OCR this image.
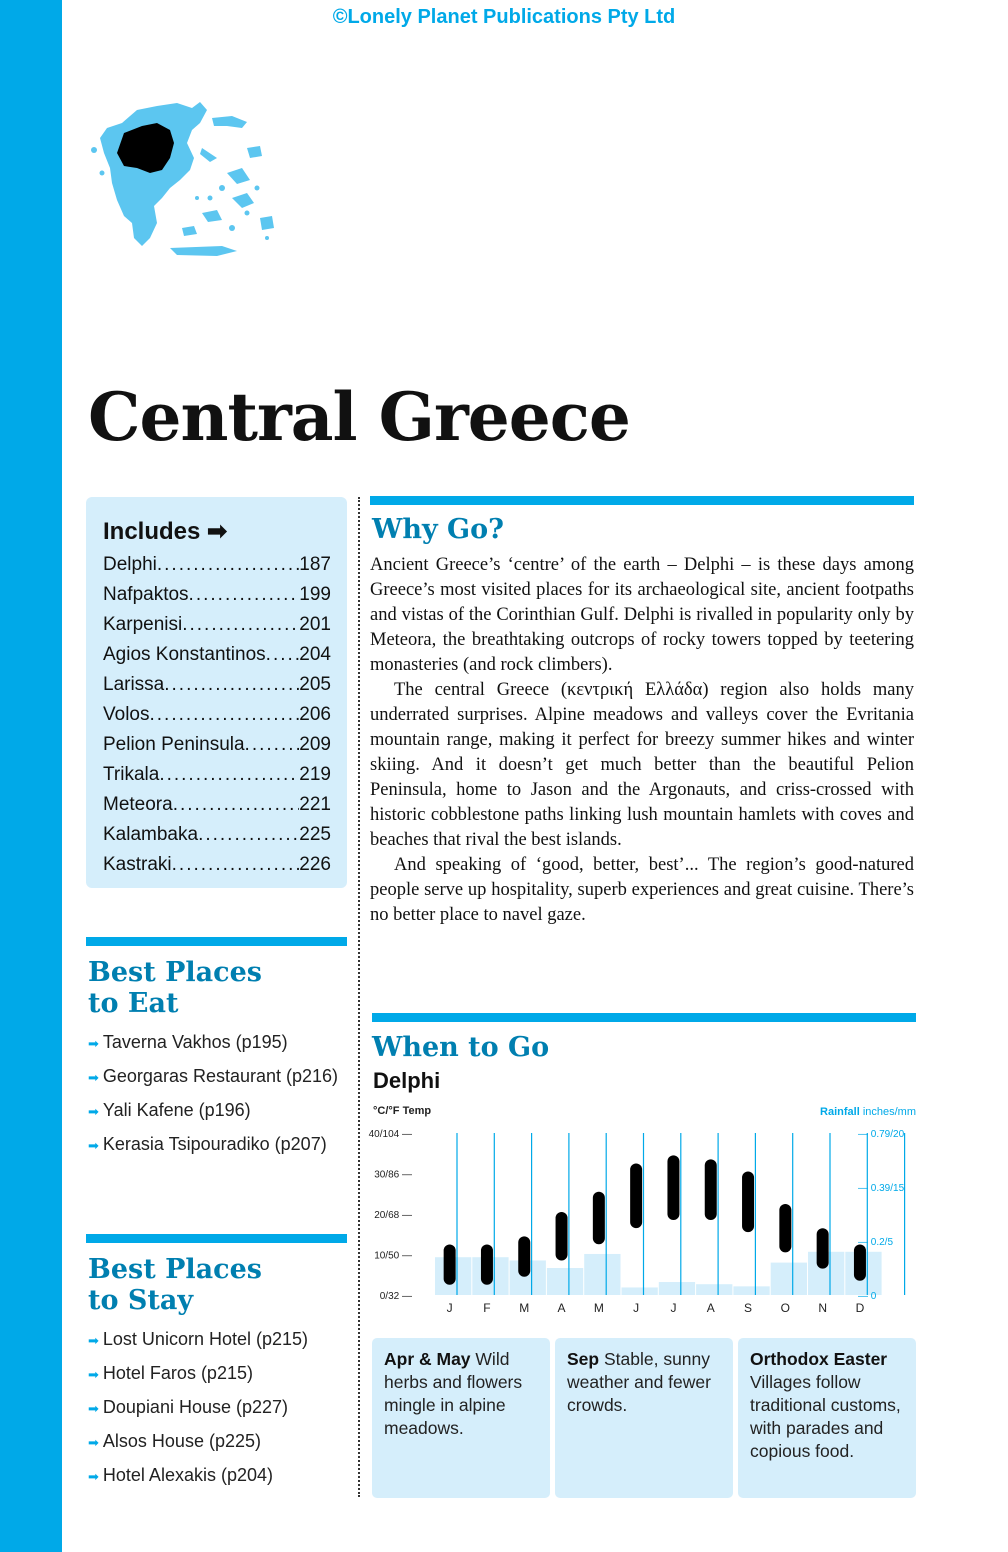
©Lonely Planet Publications Pty Ltd
Central Greece
Includes ➡
Delphi .....	187
Nafpaktos .....	199
Karpenisi .....	201
Agios Konstantinos ..... 204
Larissa .....	205
Volos .....	206
Pelion Peninsula .....	209
Trikala .....	219
Meteora .....	221
Kalambaka .....	225
Kastraki .....	226
Best Places
to Eat
➡ Taverna Vakhos (p195)
➡ Georgaras Restaurant (p216)
➡ Yali Kafene (p196)
➡ Kerasia Tsipouradiko (p207)
Best Places
to Stay
➡ Lost Unicorn Hotel (p215)
➡ Hotel Faros (p215)
➡ Doupiani House (p227)
➡ Alsos House (p225)
➡ Hotel Alexakis (p204)
Why Go?

Ancient Greece’s ‘centre’ of the earth – Delphi – is these days among Greece’s most visited places for its archaeological site, ancient footpaths and vistas of the Corinthian Gulf. Delphi is rivalled in popularity only by Meteora, the breathtaking outcrops of rocky towers topped by teetering monasteries (and rock climbers).

The central Greece (κεντρική Ελλάδα) region also holds many underrated surprises. Alpine meadows and valleys cover the Evritania mountain range, making it perfect for breezy summer hikes and winter skiing. And it doesn’t get much better than the beautiful Pelion Peninsula, home to Jason and the Argonauts, and criss-crossed with historic cobblestone paths linking lush mountain hamlets with coves and beaches that rival the best islands.

And speaking of ‘good, better, best’... The region’s good-natured people serve up hospitality, superb experiences and great cuisine. There’s no better place to navel gaze.

When to Go
Delphi
°C/°F Temp	Rainfall inches/mm
40/104 —
30/86 —
20/68 —
10/50 —
0/32 —
— 0.79/20
— 0.39/15
— 0.2/5
— 0
J	F M A M J	J	A S O N D
Apr & May Wild herbs and flowers mingle in alpine meadows.
Sep Stable, sunny weather and fewer crowds.
Orthodox Easter Villages follow traditional customs, with parades and copious food.
